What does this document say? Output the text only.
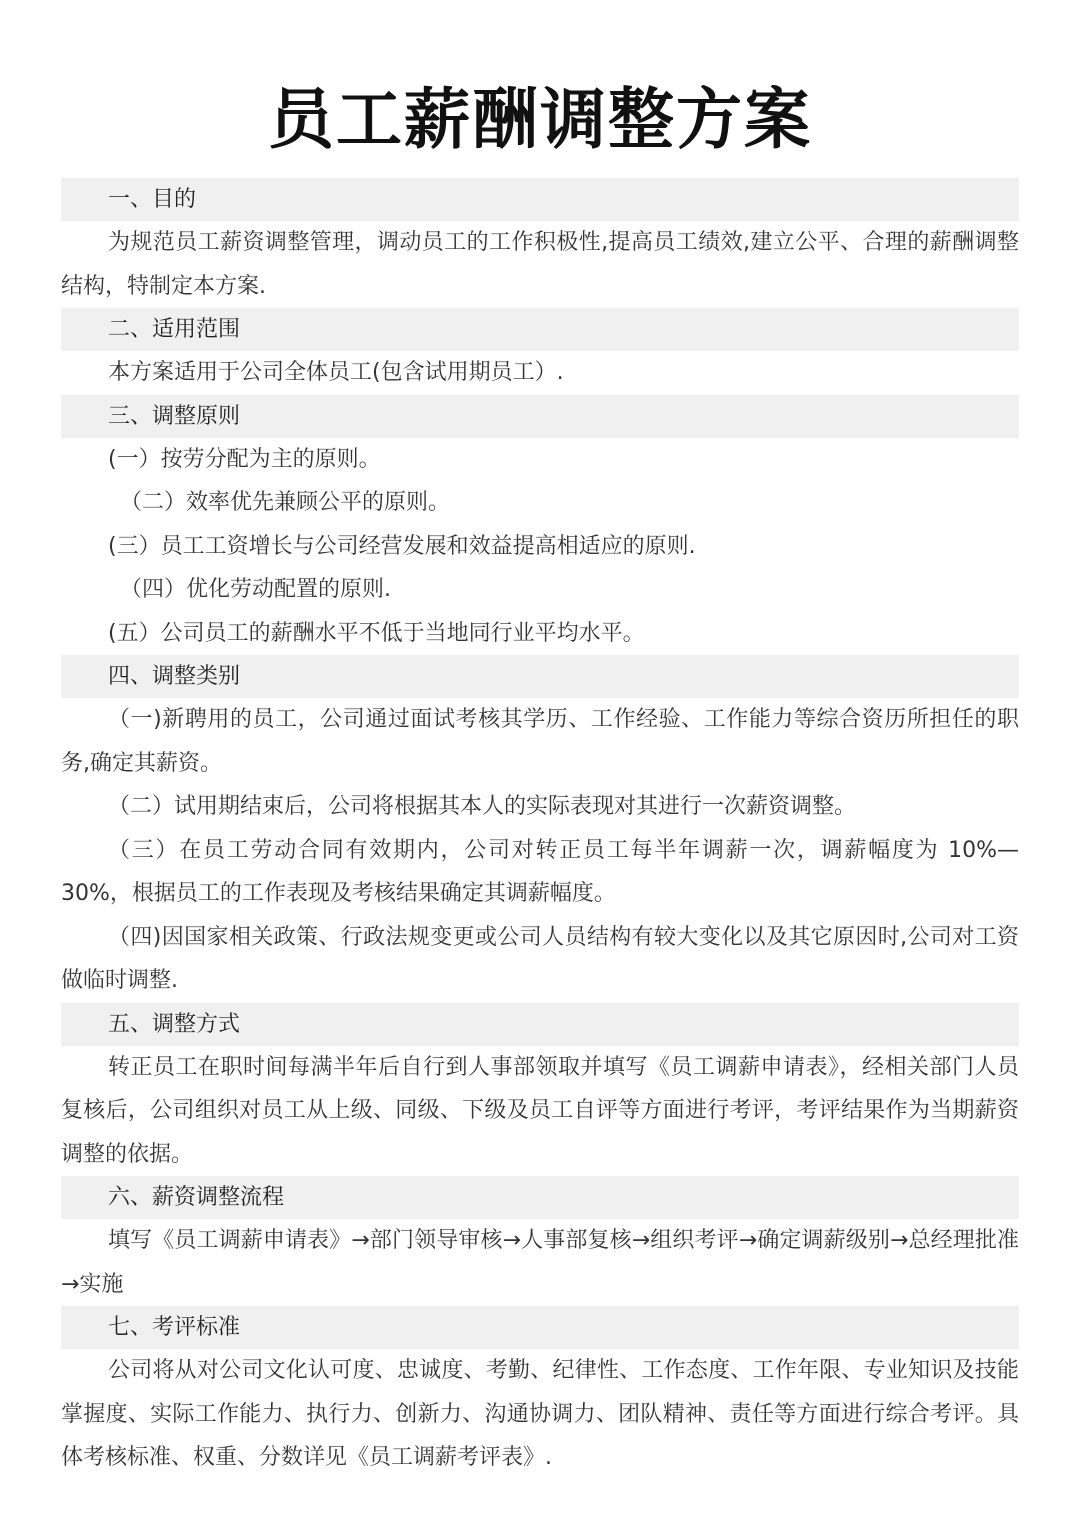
员工薪酬调整方案
一、目的
为规范员工薪资调整管理，调动员工的工作积极性,提高员工绩效,建立公平、合理的薪酬调整结构，特制定本方案.
二、适用范围
本方案适用于公司全体员工(包含试用期员工）.
三、调整原则
(一）按劳分配为主的原则。
（二）效率优先兼顾公平的原则。
(三）员工工资增长与公司经营发展和效益提高相适应的原则.
（四）优化劳动配置的原则.
(五）公司员工的薪酬水平不低于当地同行业平均水平。
四、调整类别
（一)新聘用的员工，公司通过面试考核其学历、工作经验、工作能力等综合资历所担任的职务,确定其薪资。
（二）试用期结束后，公司将根据其本人的实际表现对其进行一次薪资调整。
（三）在员工劳动合同有效期内，公司对转正员工每半年调薪一次，调薪幅度为 10%—30%，根据员工的工作表现及考核结果确定其调薪幅度。
（四)因国家相关政策、行政法规变更或公司人员结构有较大变化以及其它原因时,公司对工资做临时调整.
五、调整方式
转正员工在职时间每满半年后自行到人事部领取并填写《员工调薪申请表》，经相关部门人员复核后，公司组织对员工从上级、同级、下级及员工自评等方面进行考评，考评结果作为当期薪资调整的依据。
六、薪资调整流程
填写《员工调薪申请表》→部门领导审核→人事部复核→组织考评→确定调薪级别→总经理批准→实施
七、考评标准
公司将从对公司文化认可度、忠诚度、考勤、纪律性、工作态度、工作年限、专业知识及技能掌握度、实际工作能力、执行力、创新力、沟通协调力、团队精神、责任等方面进行综合考评。具体考核标准、权重、分数详见《员工调薪考评表》.
